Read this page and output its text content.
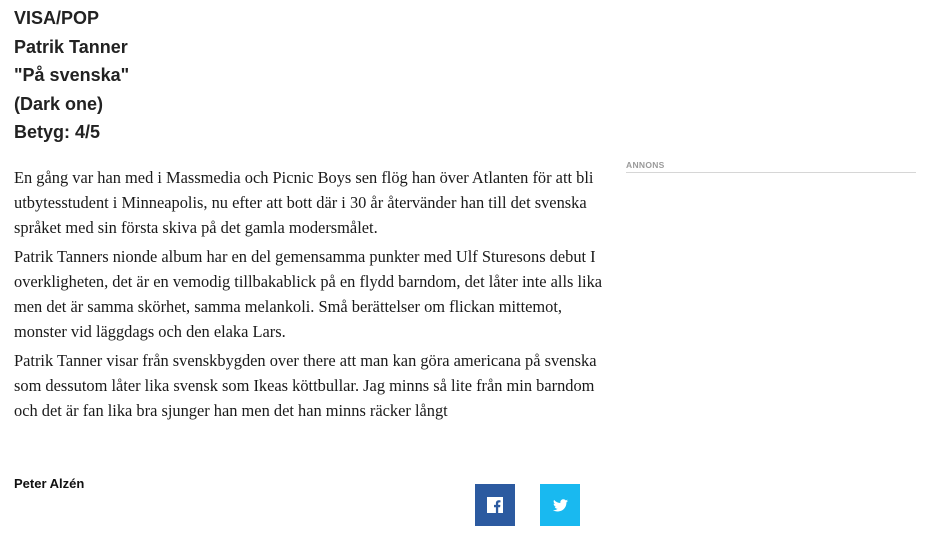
VISA/POP

Patrik Tanner

"På svenska"

(Dark one)

Betyg: 4/5

En gång var han med i Massmedia och Picnic Boys sen flög han över Atlanten för att bli utbytesstudent i Minneapolis, nu efter att bott där i 30 år återvänder han till det svenska språket med sin första skiva på det gamla modersmålet.

Patrik Tanners nionde album har en del gemensamma punkter med Ulf Sturesons debut I overkligheten, det är en vemodig tillbakablick på en flydd barndom, det låter inte alls lika men det är samma skörhet, samma melankoli. Små berättelser om flickan mittemot, monster vid läggdags och den elaka Lars.

Patrik Tanner visar från svenskbygden over there att man kan göra americana på svenska som dessutom låter lika svensk som Ikeas köttbullar. Jag minns så lite från min barndom och det är fan lika bra sjunger han men det han minns räcker långt

Peter Alzén
ANNONS
